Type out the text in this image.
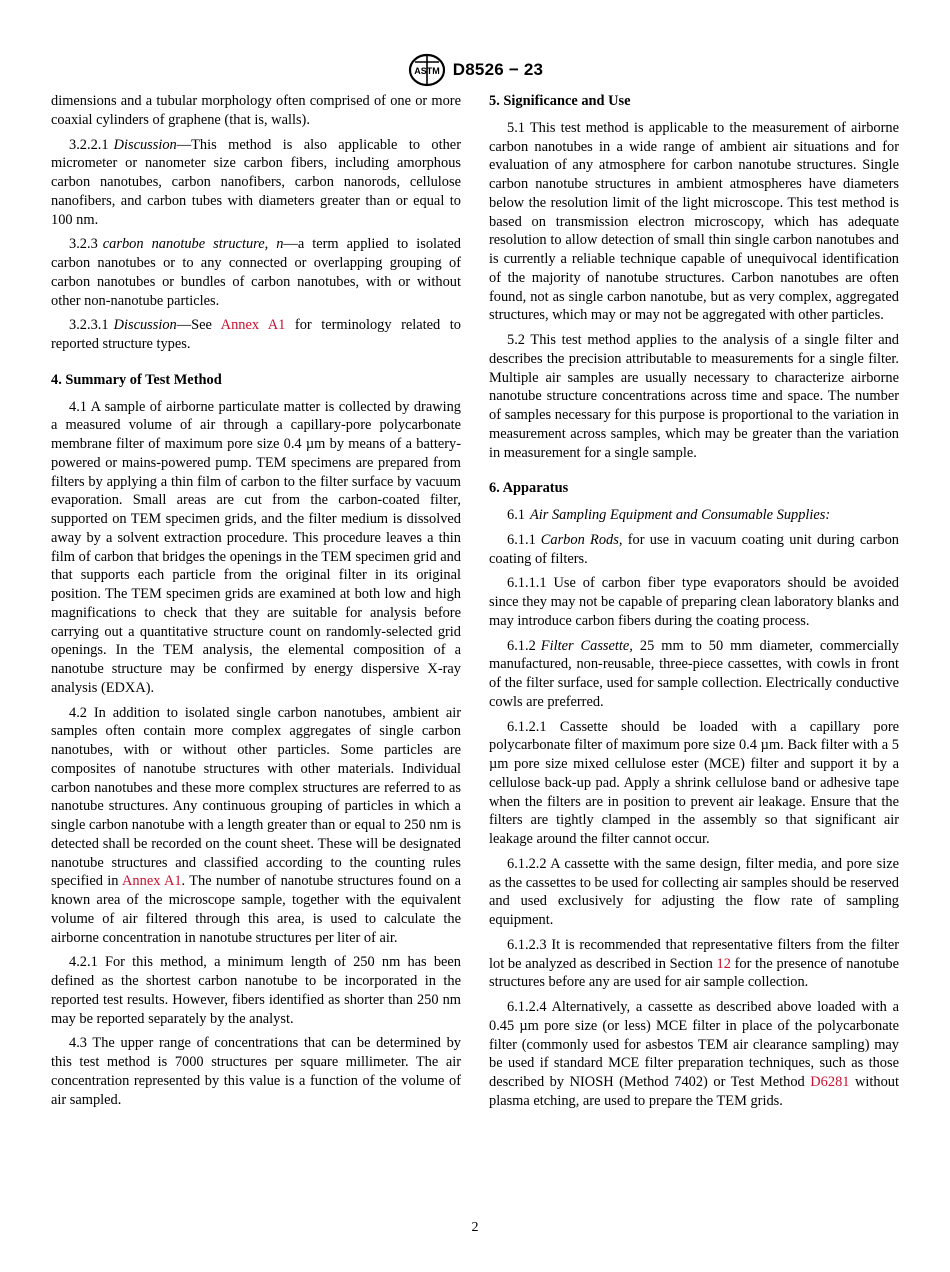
ASTM D8526 − 23

dimensions and a tubular morphology often comprised of one or more coaxial cylinders of graphene (that is, walls).

3.2.2.1 Discussion—This method is also applicable to other micrometer or nanometer size carbon fibers, including amorphous carbon nanotubes, carbon nanofibers, carbon nanorods, cellulose nanofibers, and carbon tubes with diameters greater than or equal to 100 nm.

3.2.3 carbon nanotube structure, n—a term applied to isolated carbon nanotubes or to any connected or overlapping grouping of carbon nanotubes or bundles of carbon nanotubes, with or without other non-nanotube particles.

3.2.3.1 Discussion—See Annex A1 for terminology related to reported structure types.

4. Summary of Test Method

4.1 A sample of airborne particulate matter is collected by drawing a measured volume of air through a capillary-pore polycarbonate membrane filter of maximum pore size 0.4 µm by means of a battery-powered or mains-powered pump. TEM specimens are prepared from filters by applying a thin film of carbon to the filter surface by vacuum evaporation. Small areas are cut from the carbon-coated filter, supported on TEM specimen grids, and the filter medium is dissolved away by a solvent extraction procedure. This procedure leaves a thin film of carbon that bridges the openings in the TEM specimen grid and that supports each particle from the original filter in its original position. The TEM specimen grids are examined at both low and high magnifications to check that they are suitable for analysis before carrying out a quantitative structure count on randomly-selected grid openings. In the TEM analysis, the elemental composition of a nanotube structure may be confirmed by energy dispersive X-ray analysis (EDXA).

4.2 In addition to isolated single carbon nanotubes, ambient air samples often contain more complex aggregates of single carbon nanotubes, with or without other particles. Some particles are composites of nanotube structures with other materials. Individual carbon nanotubes and these more complex structures are referred to as nanotube structures. Any continuous grouping of particles in which a single carbon nanotube with a length greater than or equal to 250 nm is detected shall be recorded on the count sheet. These will be designated nanotube structures and classified according to the counting rules specified in Annex A1. The number of nanotube structures found on a known area of the microscope sample, together with the equivalent volume of air filtered through this area, is used to calculate the airborne concentration in nanotube structures per liter of air.

4.2.1 For this method, a minimum length of 250 nm has been defined as the shortest carbon nanotube to be incorporated in the reported test results. However, fibers identified as shorter than 250 nm may be reported separately by the analyst.

4.3 The upper range of concentrations that can be determined by this test method is 7000 structures per square millimeter. The air concentration represented by this value is a function of the volume of air sampled.

5. Significance and Use

5.1 This test method is applicable to the measurement of airborne carbon nanotubes in a wide range of ambient air situations and for evaluation of any atmosphere for carbon nanotube structures. Single carbon nanotube structures in ambient atmospheres have diameters below the resolution limit of the light microscope. This test method is based on transmission electron microscopy, which has adequate resolution to allow detection of small thin single carbon nanotubes and is currently a reliable technique capable of unequivocal identification of the majority of nanotube structures. Carbon nanotubes are often found, not as single carbon nanotube, but as very complex, aggregated structures, which may or may not be aggregated with other particles.

5.2 This test method applies to the analysis of a single filter and describes the precision attributable to measurements for a single filter. Multiple air samples are usually necessary to characterize airborne nanotube structure concentrations across time and space. The number of samples necessary for this purpose is proportional to the variation in measurement across samples, which may be greater than the variation in measurement for a single sample.

6. Apparatus

6.1 Air Sampling Equipment and Consumable Supplies:

6.1.1 Carbon Rods, for use in vacuum coating unit during carbon coating of filters.

6.1.1.1 Use of carbon fiber type evaporators should be avoided since they may not be capable of preparing clean laboratory blanks and may introduce carbon fibers during the coating process.

6.1.2 Filter Cassette, 25 mm to 50 mm diameter, commercially manufactured, non-reusable, three-piece cassettes, with cowls in front of the filter surface, used for sample collection. Electrically conductive cowls are preferred.

6.1.2.1 Cassette should be loaded with a capillary pore polycarbonate filter of maximum pore size 0.4 µm. Back filter with a 5 µm pore size mixed cellulose ester (MCE) filter and support it by a cellulose back-up pad. Apply a shrink cellulose band or adhesive tape when the filters are in position to prevent air leakage. Ensure that the filters are tightly clamped in the assembly so that significant air leakage around the filter cannot occur.

6.1.2.2 A cassette with the same design, filter media, and pore size as the cassettes to be used for collecting air samples should be reserved and used exclusively for adjusting the flow rate of sampling equipment.

6.1.2.3 It is recommended that representative filters from the filter lot be analyzed as described in Section 12 for the presence of nanotube structures before any are used for air sample collection.

6.1.2.4 Alternatively, a cassette as described above loaded with a 0.45 µm pore size (or less) MCE filter in place of the polycarbonate filter (commonly used for asbestos TEM air clearance sampling) may be used if standard MCE filter preparation techniques, such as those described by NIOSH (Method 7402) or Test Method D6281 without plasma etching, are used to prepare the TEM grids.

2
